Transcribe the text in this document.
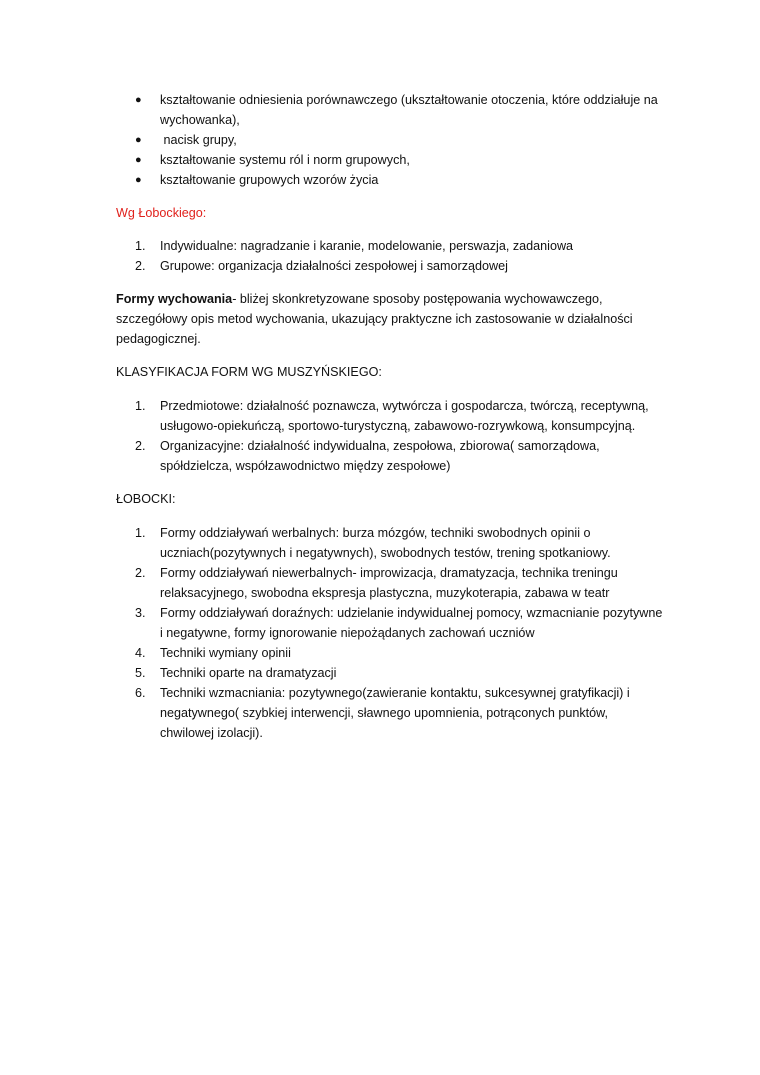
● kształtowanie odniesienia porównawczego (ukształtowanie otoczenia, które oddziałuje na wychowanka),
● nacisk grupy,
● kształtowanie systemu ról i norm grupowych,
● kształtowanie grupowych wzorów życia

Wg Łobockiego:

1. Indywidualne: nagradzanie i karanie, modelowanie, perswazja, zadaniowa
2. Grupowe: organizacja działalności zespołowej i samorządowej

Formy wychowania- bliżej skonkretyzowane sposoby postępowania wychowawczego, szczegółowy opis metod wychowania, ukazujący praktyczne ich zastosowanie w działalności pedagogicznej.

KLASYFIKACJA FORM WG MUSZYŃSKIEGO:

1. Przedmiotowe: działalność poznawcza, wytwórcza i gospodarcza, twórczą, receptywną, usługowo-opiekuńczą, sportowo-turystyczną, zabawowo-rozrywkową, konsumpcyjną.
2. Organizacyjne: działalność indywidualna, zespołowa, zbiorowa( samorządowa, spółdzielcza, współzawodnictwo między zespołowe)

ŁOBOCKI:

1. Formy oddziaływań werbalnych: burza mózgów, techniki swobodnych opinii o uczniach(pozytywnych i negatywnych), swobodnych testów, trening spotkaniowy.
2. Formy oddziaływań niewerbalnych- improwizacja, dramatyzacja, technika treningu relaksacyjnego, swobodna ekspresja plastyczna, muzykoterapia, zabawa w teatr
3. Formy oddziaływań doraźnych: udzielanie indywidualnej pomocy, wzmacnianie pozytywne i negatywne, formy ignorowanie niepożądanych zachowań uczniów
4. Techniki wymiany opinii
5. Techniki oparte na dramatyzacji
6. Techniki wzmacniania: pozytywnego(zawieranie kontaktu, sukcesywnej gratyfikacji) i negatywnego( szybkiej interwencji, sławnego upomnienia, potrąconych punktów, chwilowej izolacji).
